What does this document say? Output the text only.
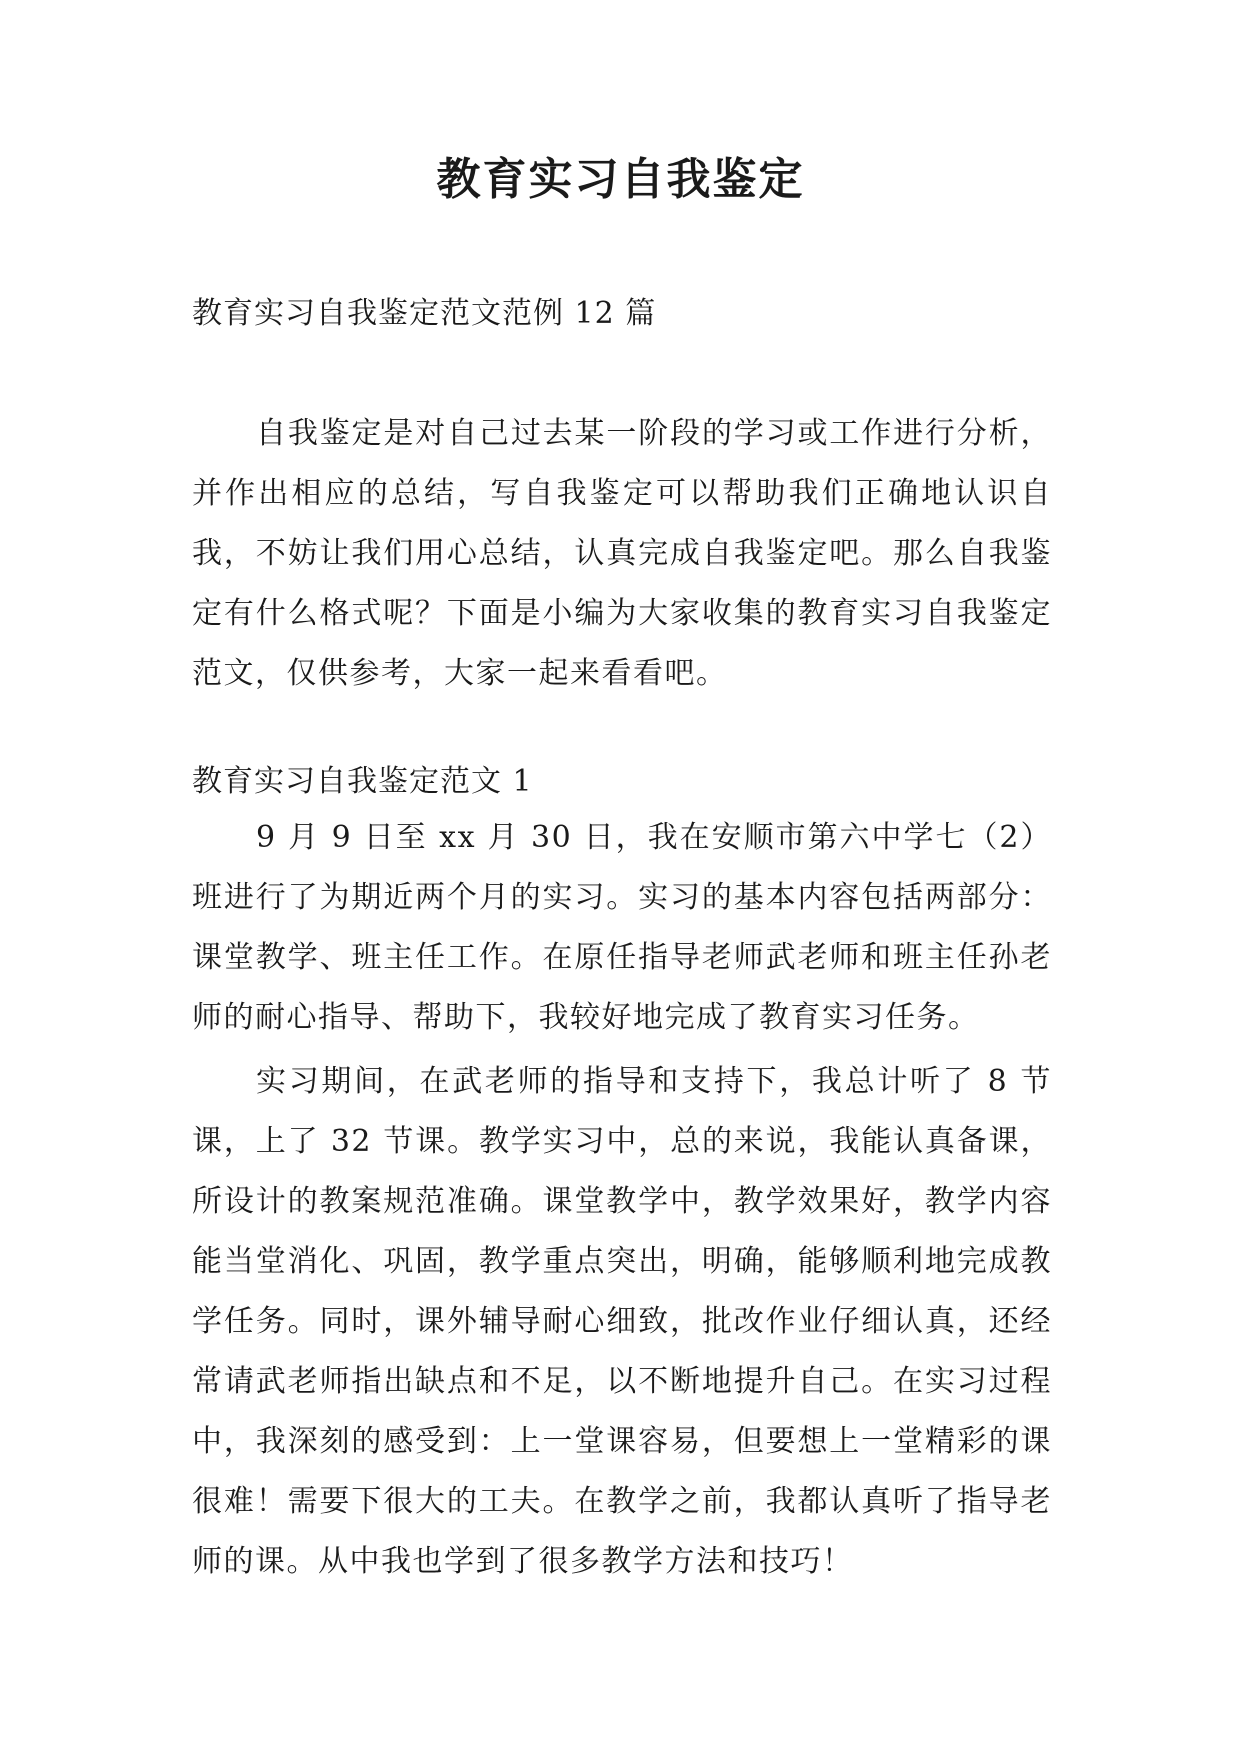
教育实习自我鉴定
教育实习自我鉴定范文范例 12 篇

自我鉴定是对自己过去某一阶段的学习或工作进行分析，并作出相应的总结，写自我鉴定可以帮助我们正确地认识自我，不妨让我们用心总结，认真完成自我鉴定吧。那么自我鉴定有什么格式呢？下面是小编为大家收集的教育实习自我鉴定范文，仅供参考，大家一起来看看吧。

教育实习自我鉴定范文 1

9 月 9 日至 xx 月 30 日，我在安顺市第六中学七（2）班进行了为期近两个月的实习。实习的基本内容包括两部分：课堂教学、班主任工作。在原任指导老师武老师和班主任孙老师的耐心指导、帮助下，我较好地完成了教育实习任务。

实习期间，在武老师的指导和支持下，我总计听了 8 节课，上了 32 节课。教学实习中，总的来说，我能认真备课，所设计的教案规范准确。课堂教学中，教学效果好，教学内容能当堂消化、巩固，教学重点突出，明确，能够顺利地完成教学任务。同时，课外辅导耐心细致，批改作业仔细认真，还经常请武老师指出缺点和不足，以不断地提升自己。在实习过程中，我深刻的感受到：上一堂课容易，但要想上一堂精彩的课很难！需要下很大的工夫。在教学之前，我都认真听了指导老师的课。从中我也学到了很多教学方法和技巧！
